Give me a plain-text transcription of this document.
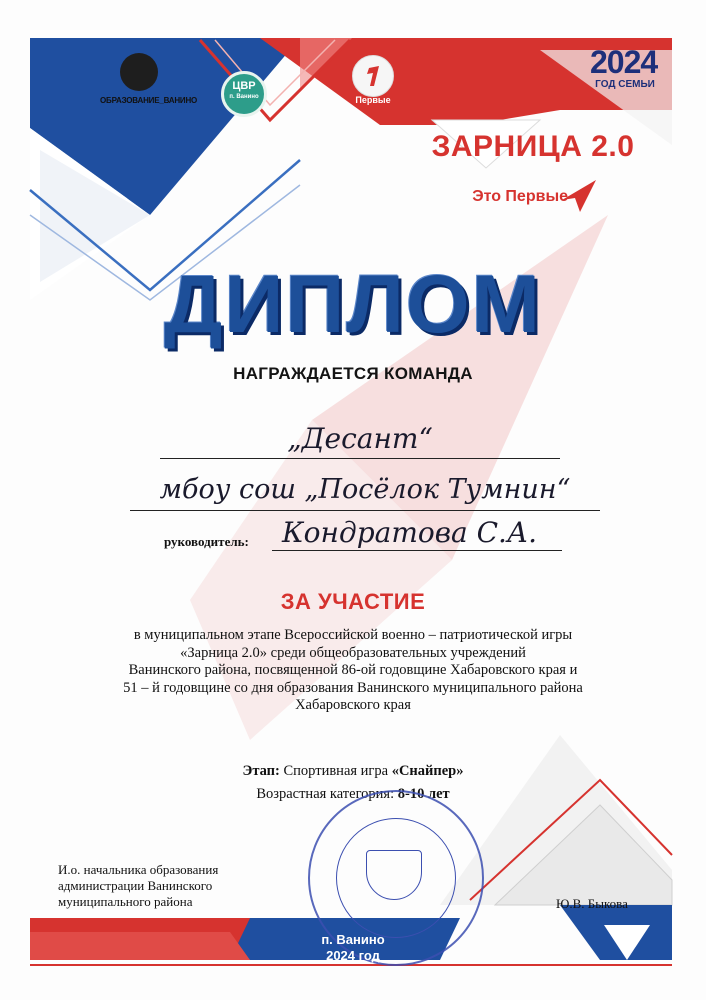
ОБРАЗОВАНИЕ_ВАНИНО
ЦВР
п. Ванино	Первые
2024
ГОД СЕМЬИ
ЗАРНИЦА 2.0
Это Первые
ДИПЛОМ
НАГРАЖДАЕТСЯ КОМАНДА
„Десант“
мбоу сош „Посёлок Тумнин“
руководитель: Кондратова С.А.
ЗА УЧАСТИЕ
в муниципальном этапе Всероссийской военно – патриотической игры
«Зарница 2.0» среди общеобразовательных учреждений
Ванинского района, посвященной 86-ой годовщине Хабаровского края и
51 – й годовщине со дня образования Ванинского муниципального района
Хабаровского края
Этап: Спортивная игра «Снайпер»
Возрастная категория: 8-10 лет
И.о. начальника образования
администрации Ванинского
муниципального района	Ю.В. Быкова
п. Ванино
2024 год
